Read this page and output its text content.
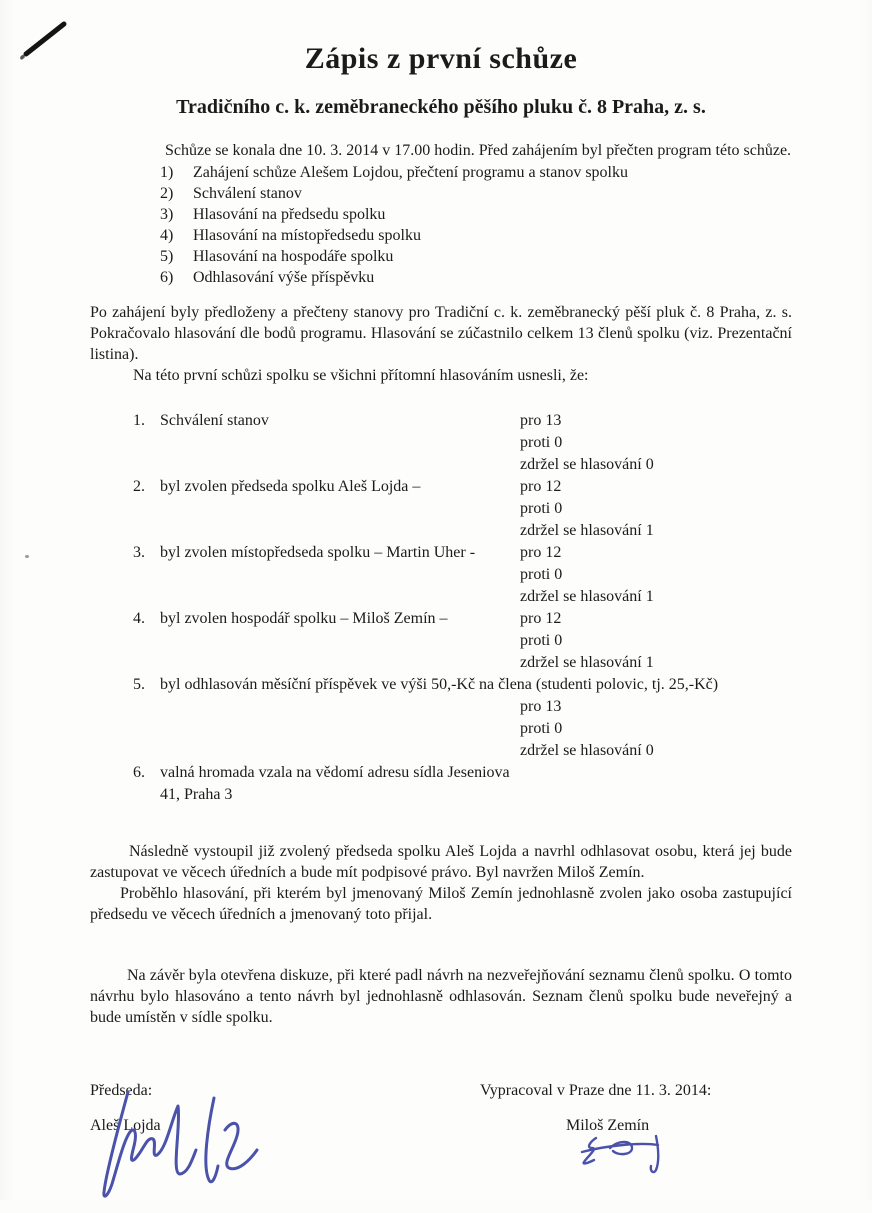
Zápis z první schůze
Tradičního c. k. zeměbraneckého pěšího pluku č. 8 Praha, z. s.

Schůze se konala dne 10. 3. 2014 v 17.00 hodin. Před zahájením byl přečten program této schůze.

1)	Zahájení schůze Alešem Lojdou, přečtení programu a stanov spolku
2)	Schválení stanov
3)	Hlasování na předsedu spolku
4)	Hlasování na místopředsedu spolku
5)	Hlasování na hospodáře spolku
6)	Odhlasování výše příspěvku

Po zahájení byly předloženy a přečteny stanovy pro Tradiční c. k. zeměbranecký pěší pluk č. 8 Praha, z. s. Pokračovalo hlasování dle bodů programu. Hlasování se zúčastnilo celkem 13 členů spolku (viz. Prezentační listina).

Na této první schůzi spolku se všichni přítomní hlasováním usnesli, že:

1. Schválení stanov	pro 13
proti 0
zdržel se hlasování 0
2. byl zvolen předseda spolku Aleš Lojda –	pro 12
proti 0
zdržel se hlasování 1
3. byl zvolen místopředseda spolku – Martin Uher -	pro 12
proti 0
zdržel se hlasování 1
4. byl zvolen hospodář spolku – Miloš Zemín –	pro 12
proti 0
zdržel se hlasování 1
5. byl odhlasován měsíční příspěvek ve výši 50,-Kč na člena (studenti polovic, tj. 25,-Kč)
pro 13
proti 0
zdržel se hlasování 0
6. valná hromada vzala na vědomí adresu sídla Jeseniova 41, Praha 3

Následně vystoupil již zvolený předseda spolku Aleš Lojda a navrhl odhlasovat osobu, která jej bude zastupovat ve věcech úředních a bude mít podpisové právo. Byl navržen Miloš Zemín.

Proběhlo hlasování, při kterém byl jmenovaný Miloš Zemín jednohlasně zvolen jako osoba zastupující předsedu ve věcech úředních a jmenovaný toto přijal.

Na závěr byla otevřena diskuze, při které padl návrh na nezveřejňování seznamu členů spolku. O tomto návrhu bylo hlasováno a tento návrh byl jednohlasně odhlasován. Seznam členů spolku bude neveřejný a bude umístěn v sídle spolku.

Předseda:
Aleš Lojda
Vypracoval v Praze dne 11. 3. 2014:
Miloš Zemín
